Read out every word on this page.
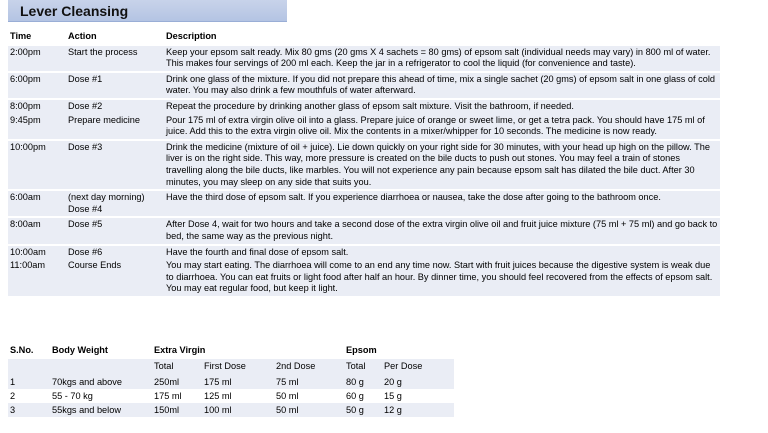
Lever Cleansing
Time	Action	Description
2:00pm	Start the process	Keep your epsom salt ready. Mix 80 gms (20 gms X 4 sachets = 80 gms) of epsom salt (individual needs may vary) in 800 ml of water. This makes four servings of 200 ml each. Keep the jar in a refrigerator to cool the liquid (for convenience and taste).
6:00pm	Dose #1	Drink one glass of the mixture. If you did not prepare this ahead of time, mix a single sachet (20 gms) of epsom salt in one glass of cold water. You may also drink a few mouthfuls of water afterward.
8:00pm	Dose #2	Repeat the procedure by drinking another glass of epsom salt mixture. Visit the bathroom, if needed.
9:45pm	Prepare medicine	Pour 175 ml of extra virgin olive oil into a glass. Prepare juice of orange or sweet lime, or get a tetra pack. You should have 175 ml of juice. Add this to the extra virgin olive oil. Mix the contents in a mixer/whipper for 10 seconds. The medicine is now ready.
10:00pm	Dose #3	Drink the medicine (mixture of oil + juice). Lie down quickly on your right side for 30 minutes, with your head up high on the pillow. The liver is on the right side. This way, more pressure is created on the bile ducts to push out stones. You may feel a train of stones travelling along the bile ducts, like marbles. You will not experience any pain because epsom salt has dilated the bile duct. After 30 minutes, you may sleep on any side that suits you.
6:00am	(next day morning) Dose #4	Have the third dose of epsom salt. If you experience diarrhoea or nausea, take the dose after going to the bathroom once.
8:00am	Dose #5	After Dose 4, wait for two hours and take a second dose of the extra virgin olive oil and fruit juice mixture (75 ml + 75 ml) and go back to bed, the same way as the previous night.
10:00am	Dose #6	Have the fourth and final dose of epsom salt.
11:00am	Course Ends	You may start eating. The diarrhoea will come to an end any time now. Start with fruit juices because the digestive system is weak due to diarrhoea. You can eat fruits or light food after half an hour. By dinner time, you should feel recovered from the effects of epsom salt. You may eat regular food, but keep it light.
S.No.	Body Weight	Extra Virgin			Epsom	
		Total	First Dose	2nd Dose	Total	Per Dose
1	70kgs and above	250ml	175 ml	75 ml	80 g	20 g
2	55 - 70 kg	175 ml	125 ml	50 ml	60 g	15 g
3	55kgs and below	150ml	100 ml	50 ml	50 g	12 g
